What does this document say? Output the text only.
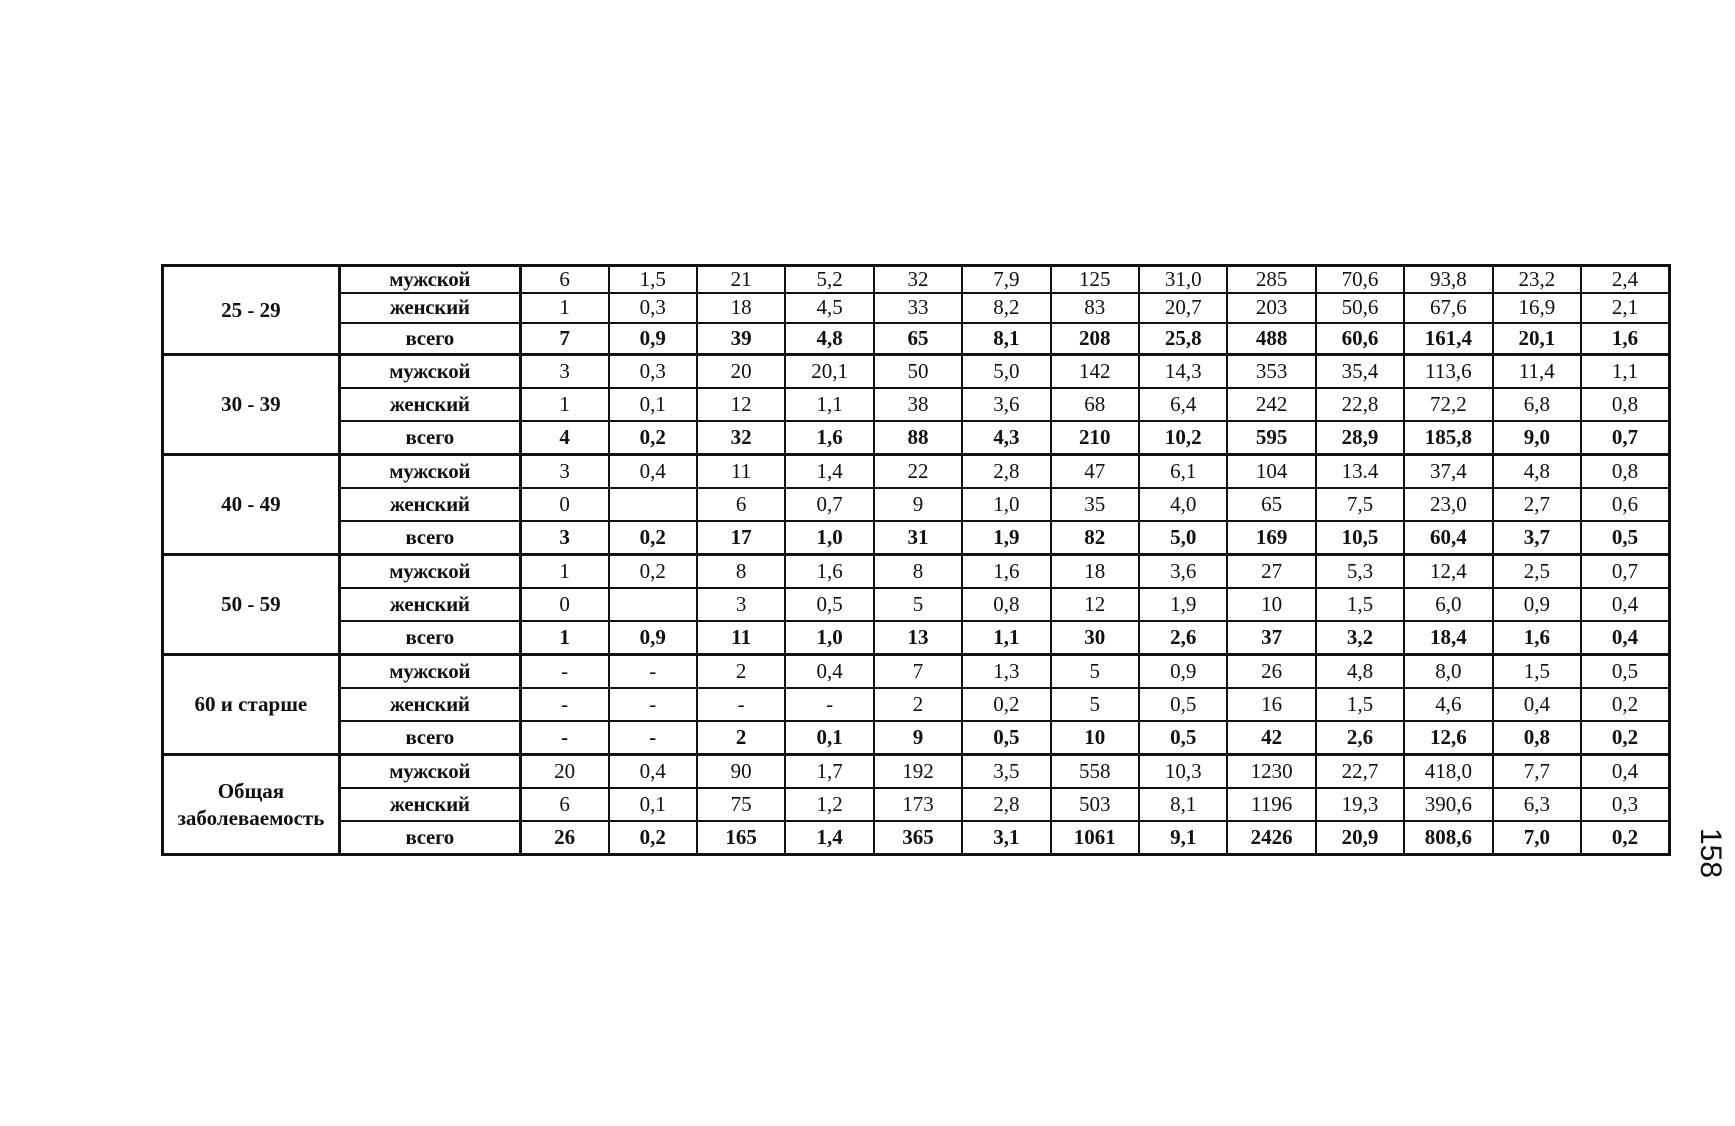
25 - 29	мужской	6	1,5	21	5,2	32	7,9	125	31,0	285	70,6	93,8	23,2	2,4
	женский	1	0,3	18	4,5	33	8,2	83	20,7	203	50,6	67,6	16,9	2,1
	всего	7	0,9	39	4,8	65	8,1	208	25,8	488	60,6	161,4	20,1	1,6
30 - 39	мужской	3	0,3	20	20,1	50	5,0	142	14,3	353	35,4	113,6	11,4	1,1
	женский	1	0,1	12	1,1	38	3,6	68	6,4	242	22,8	72,2	6,8	0,8
	всего	4	0,2	32	1,6	88	4,3	210	10,2	595	28,9	185,8	9,0	0,7
40 - 49	мужской	3	0,4	11	1,4	22	2,8	47	6,1	104	13.4	37,4	4,8	0,8
	женский	0		6	0,7	9	1,0	35	4,0	65	7,5	23,0	2,7	0,6
	всего	3	0,2	17	1,0	31	1,9	82	5,0	169	10,5	60,4	3,7	0,5
50 - 59	мужской	1	0,2	8	1,6	8	1,6	18	3,6	27	5,3	12,4	2,5	0,7
	женский	0		3	0,5	5	0,8	12	1,9	10	1,5	6,0	0,9	0,4
	всего	1	0,9	11	1,0	13	1,1	30	2,6	37	3,2	18,4	1,6	0,4
60 и старше	мужской	-	-	2	0,4	7	1,3	5	0,9	26	4,8	8,0	1,5	0,5
	женский	-	-	-	-	2	0,2	5	0,5	16	1,5	4,6	0,4	0,2
	всего	-	-	2	0,1	9	0,5	10	0,5	42	2,6	12,6	0,8	0,2
Общая заболеваемость	мужской	20	0,4	90	1,7	192	3,5	558	10,3	1230	22,7	418,0	7,7	0,4
	женский	6	0,1	75	1,2	173	2,8	503	8,1	1196	19,3	390,6	6,3	0,3
	всего	26	0,2	165	1,4	365	3,1	1061	9,1	2426	20,9	808,6	7,0	0,2 158
